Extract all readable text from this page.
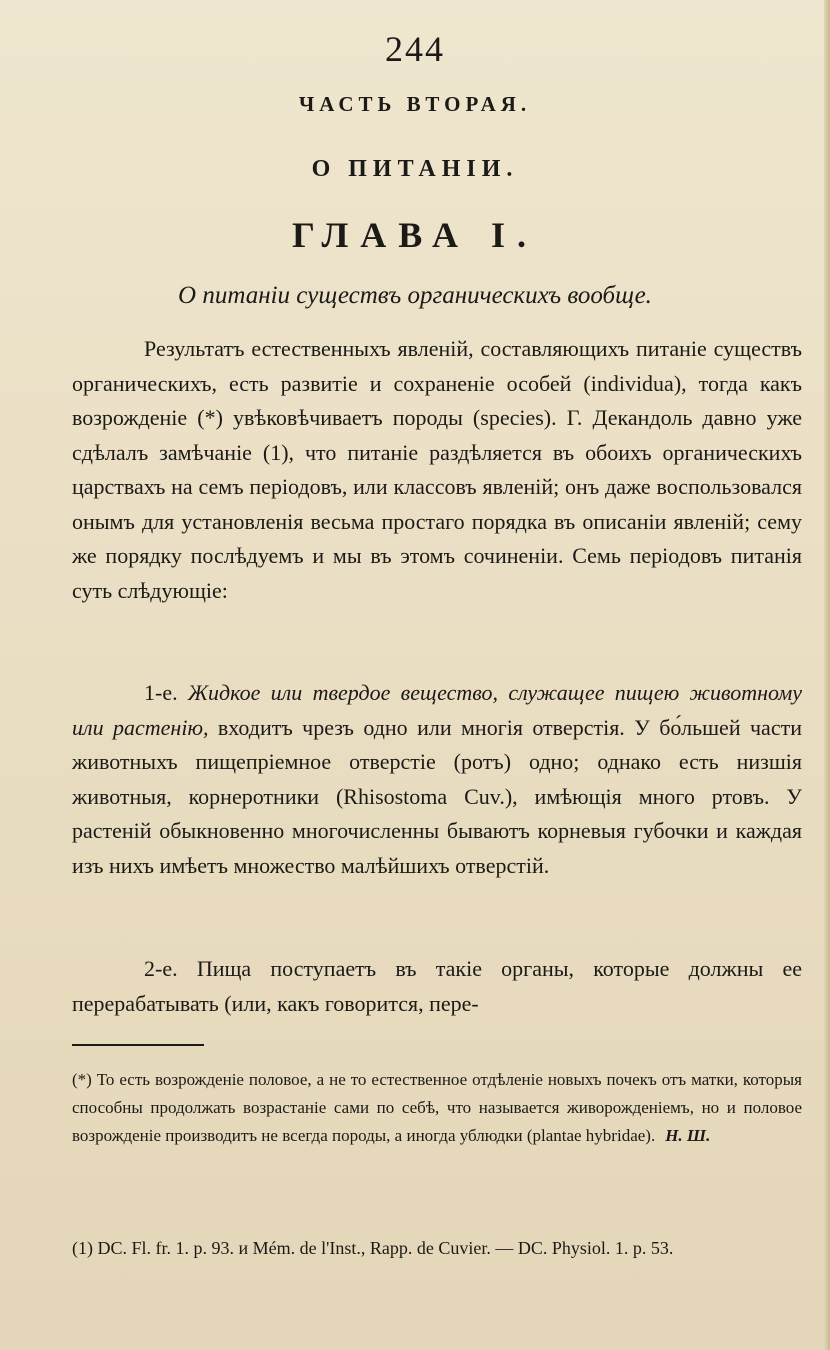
244
ЧАСТЬ ВТОРАЯ.
О ПИТАНІИ.
ГЛАВА I.
О питаніи существъ органическихъ вообще.
Результатъ естественныхъ явленій, составляющихъ питаніе существъ органическихъ, есть развитіе и сохраненіе особей (individua), тогда какъ возрожденіе (*) увѣковѣчиваетъ породы (species). Г. Декандоль давно уже сдѣлалъ замѣчаніе (1), что питаніе раздѣляется въ обоихъ органическихъ царствахъ на семъ періодовъ, или классовъ явленій; онъ даже воспользовался онымъ для установленія весьма простаго порядка въ описаніи явленій; сему же порядку послѣдуемъ и мы въ этомъ сочиненіи. Семь періодовъ питанія суть слѣдующіе:
1-е. Жидкое или твердое вещество, служащее пищею животному или растенію, входитъ чрезъ одно или многія отверстія. У бо́льшей части животныхъ пищепріемное отверстіе (ротъ) одно; однако есть низшія животныя, корнеротники (Rhisostoma Cuv.), имѣющія много ртовъ. У растеній обыкновенно многочисленны бываютъ корневыя губочки и каждая изъ нихъ имѣетъ множество малѣйшихъ отверстій.
2-е. Пища поступаетъ въ такіе органы, которые должны ее перерабатывать (или, какъ говорится, пере-
(*) То есть возрожденіе половое, а не то естественное отдѣленіе новыхъ почекъ отъ матки, которыя способны продолжать возрастаніе сами по себѣ, что называется живорожденіемъ, но и половое возрожденіе производитъ не всегда породы, а иногда ублюдки (plantae hybridae). Н. Ш.
(1) DC. Fl. fr. 1. p. 93. и Mém. de l'Inst., Rapp. de Cuvier. — DC. Physiol. 1. p. 53.
